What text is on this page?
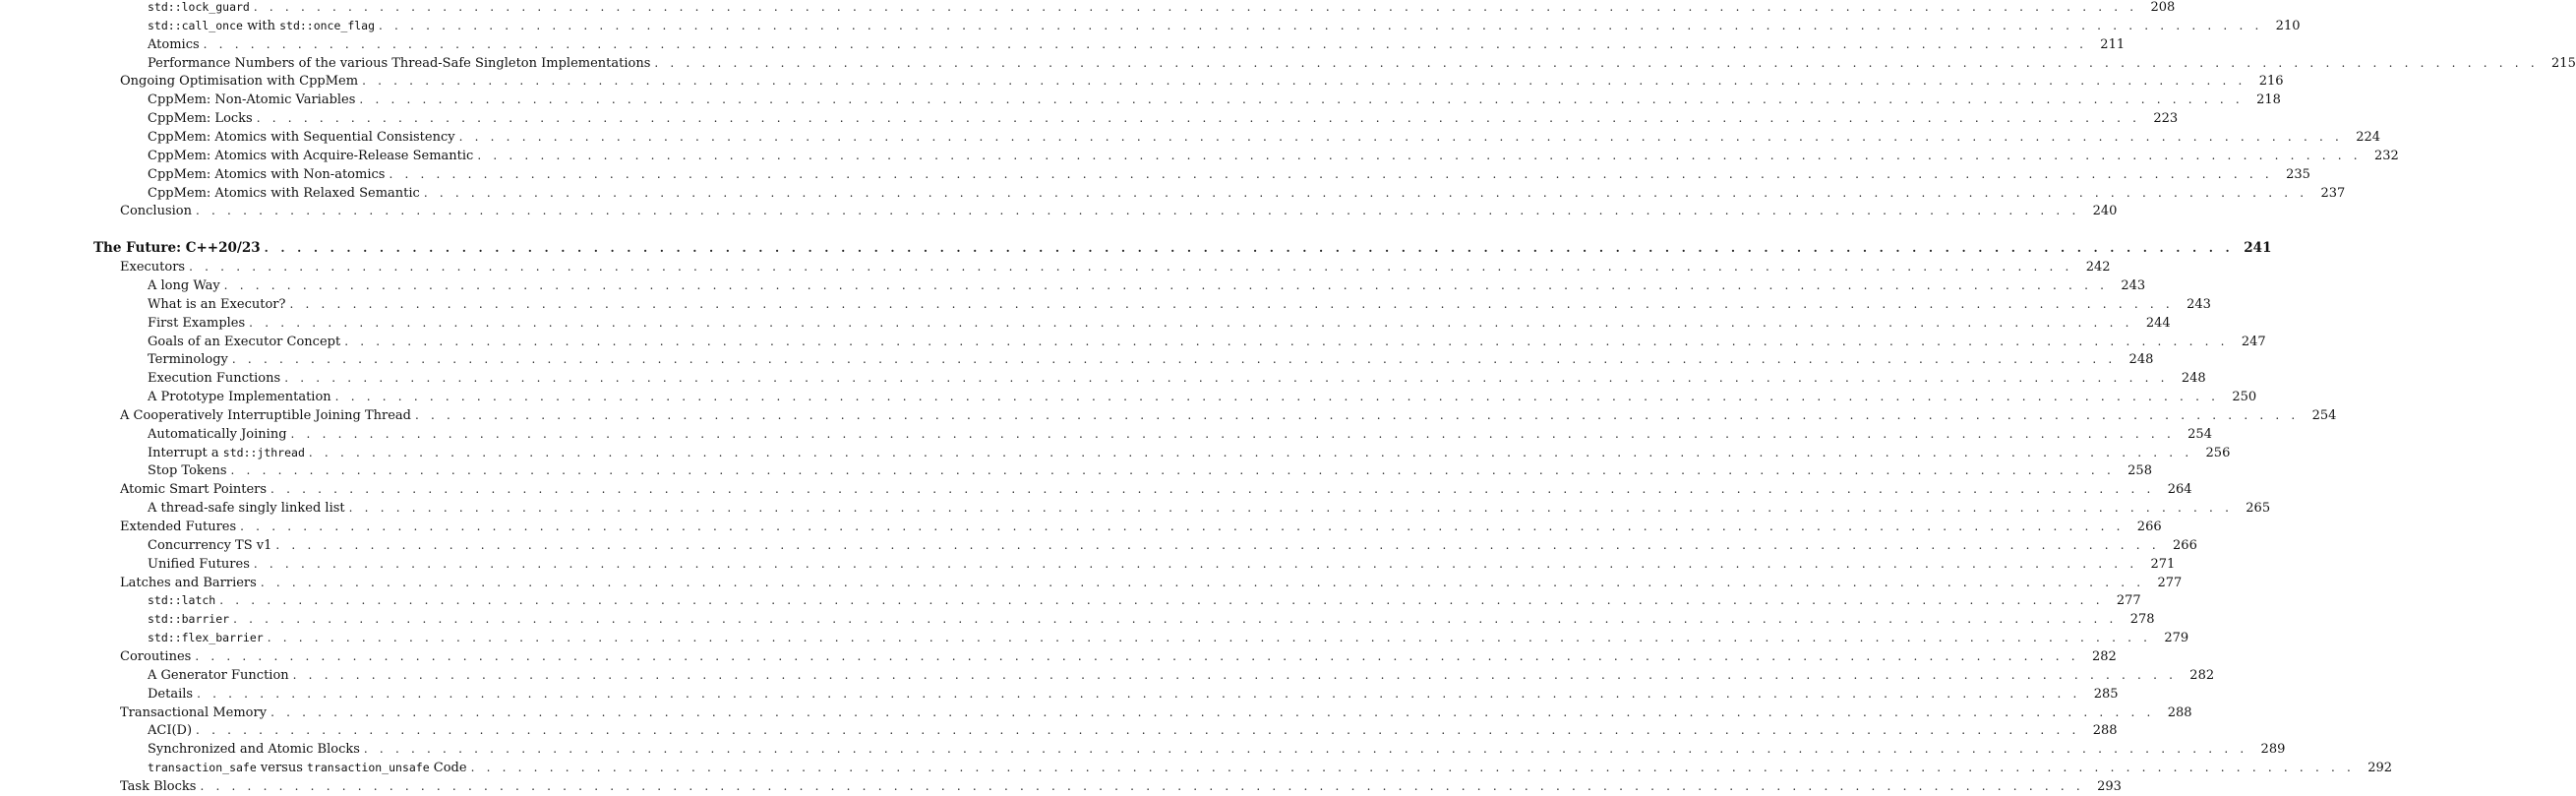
std::lock_guard . . . . . . . . . . . . . . . . . . . . . . . . . . . . . . . . . . . . . . . . . . . . . . . . . . . . . . . . . . . . . . . . . . . . . . . . . . . . . . . . . . . . . . . . . . . . . . . . . . . . . . . . . . . . . . . . . . . . . . . . 208
std::call_once with std::once_flag . . . . . . . . . . . . . . . . . . . . . . . . . . . . . . . . . . . . . . . . . . . . . . . . . . . . . . . . . . . . . . . . . . . . . . . . . . . . . . . . . . . . . . . . . . . . . . . . . . . . . . . . . . . . . . . . . . . . . . . . 210
Atomics . . . . . . . . . . . . . . . . . . . . . . . . . . . . . . . . . . . . . . . . . . . . . . . . . . . . . . . . . . . . . . . . . . . . . . . . . . . . . . . . . . . . . . . . . . . . . . . . . . . . . . . . . . . . . . . . . . . . . . . . 211
Performance Numbers of the various Thread-Safe Singleton Implementations . . . . . . . . . . . . . . . . . . . . . . . . . . . . . . . . . . . . . . . . . . . . . . . . . . . . . . . . . . . . . . . . . . . . . . . . . . . . . . . . . . . . . . . . . . . . . . . . . . . . . . . . . . . . . . . . . . . . . . . . 215
Ongoing Optimisation with CppMem . . . . . . . . . . . . . . . . . . . . . . . . . . . . . . . . . . . . . . . . . . . . . . . . . . . . . . . . . . . . . . . . . . . . . . . . . . . . . . . . . . . . . . . . . . . . . . . . . . . . . . . . . . . . . . . . . . . . . . . . 216
CppMem: Non-Atomic Variables . . . . . . . . . . . . . . . . . . . . . . . . . . . . . . . . . . . . . . . . . . . . . . . . . . . . . . . . . . . . . . . . . . . . . . . . . . . . . . . . . . . . . . . . . . . . . . . . . . . . . . . . . . . . . . . . . . . . . . . . 218
CppMem: Locks . . . . . . . . . . . . . . . . . . . . . . . . . . . . . . . . . . . . . . . . . . . . . . . . . . . . . . . . . . . . . . . . . . . . . . . . . . . . . . . . . . . . . . . . . . . . . . . . . . . . . . . . . . . . . . . . . . . . . . . . 223
CppMem: Atomics with Sequential Consistency . . . . . . . . . . . . . . . . . . . . . . . . . . . . . . . . . . . . . . . . . . . . . . . . . . . . . . . . . . . . . . . . . . . . . . . . . . . . . . . . . . . . . . . . . . . . . . . . . . . . . . . . . . . . . . . . . . . . . . . . 224
CppMem: Atomics with Acquire-Release Semantic . . . . . . . . . . . . . . . . . . . . . . . . . . . . . . . . . . . . . . . . . . . . . . . . . . . . . . . . . . . . . . . . . . . . . . . . . . . . . . . . . . . . . . . . . . . . . . . . . . . . . . . . . . . . . . . . . . . . . . . . 232
CppMem: Atomics with Non-atomics . . . . . . . . . . . . . . . . . . . . . . . . . . . . . . . . . . . . . . . . . . . . . . . . . . . . . . . . . . . . . . . . . . . . . . . . . . . . . . . . . . . . . . . . . . . . . . . . . . . . . . . . . . . . . . . . . . . . . . . . 235
CppMem: Atomics with Relaxed Semantic . . . . . . . . . . . . . . . . . . . . . . . . . . . . . . . . . . . . . . . . . . . . . . . . . . . . . . . . . . . . . . . . . . . . . . . . . . . . . . . . . . . . . . . . . . . . . . . . . . . . . . . . . . . . . . . . . . . . . . . . 237
Conclusion . . . . . . . . . . . . . . . . . . . . . . . . . . . . . . . . . . . . . . . . . . . . . . . . . . . . . . . . . . . . . . . . . . . . . . . . . . . . . . . . . . . . . . . . . . . . . . . . . . . . . . . . . . . . . . . . . . . . . . . . 240
The Future: C++20/23 . . . . . . . . . . . . . . . . . . . . . . . . . . . . . . . . . . . . . . . . . . . . . . . . . . . . . . . . . . . . . . . . . . . . . . . . . . . . . . . . . . . . . . . . . . . . . . . . . . . . . . . . . . . . . . . . . . . . . . . . 241
Executors . . . . . . . . . . . . . . . . . . . . . . . . . . . . . . . . . . . . . . . . . . . . . . . . . . . . . . . . . . . . . . . . . . . . . . . . . . . . . . . . . . . . . . . . . . . . . . . . . . . . . . . . . . . . . . . . . . . . . . . . 242
A long Way . . . . . . . . . . . . . . . . . . . . . . . . . . . . . . . . . . . . . . . . . . . . . . . . . . . . . . . . . . . . . . . . . . . . . . . . . . . . . . . . . . . . . . . . . . . . . . . . . . . . . . . . . . . . . . . . . . . . . . . . 243
What is an Executor? . . . . . . . . . . . . . . . . . . . . . . . . . . . . . . . . . . . . . . . . . . . . . . . . . . . . . . . . . . . . . . . . . . . . . . . . . . . . . . . . . . . . . . . . . . . . . . . . . . . . . . . . . . . . . . . . . . . . . . . . 243
First Examples . . . . . . . . . . . . . . . . . . . . . . . . . . . . . . . . . . . . . . . . . . . . . . . . . . . . . . . . . . . . . . . . . . . . . . . . . . . . . . . . . . . . . . . . . . . . . . . . . . . . . . . . . . . . . . . . . . . . . . . . 244
Goals of an Executor Concept . . . . . . . . . . . . . . . . . . . . . . . . . . . . . . . . . . . . . . . . . . . . . . . . . . . . . . . . . . . . . . . . . . . . . . . . . . . . . . . . . . . . . . . . . . . . . . . . . . . . . . . . . . . . . . . . . . . . . . . . 247
Terminology . . . . . . . . . . . . . . . . . . . . . . . . . . . . . . . . . . . . . . . . . . . . . . . . . . . . . . . . . . . . . . . . . . . . . . . . . . . . . . . . . . . . . . . . . . . . . . . . . . . . . . . . . . . . . . . . . . . . . . . . 248
Execution Functions . . . . . . . . . . . . . . . . . . . . . . . . . . . . . . . . . . . . . . . . . . . . . . . . . . . . . . . . . . . . . . . . . . . . . . . . . . . . . . . . . . . . . . . . . . . . . . . . . . . . . . . . . . . . . . . . . . . . . . . . 248
A Prototype Implementation . . . . . . . . . . . . . . . . . . . . . . . . . . . . . . . . . . . . . . . . . . . . . . . . . . . . . . . . . . . . . . . . . . . . . . . . . . . . . . . . . . . . . . . . . . . . . . . . . . . . . . . . . . . . . . . . . . . . . . . . 250
A Cooperatively Interruptible Joining Thread . . . . . . . . . . . . . . . . . . . . . . . . . . . . . . . . . . . . . . . . . . . . . . . . . . . . . . . . . . . . . . . . . . . . . . . . . . . . . . . . . . . . . . . . . . . . . . . . . . . . . . . . . . . . . . . . . . . . . . . . 254
Automatically Joining . . . . . . . . . . . . . . . . . . . . . . . . . . . . . . . . . . . . . . . . . . . . . . . . . . . . . . . . . . . . . . . . . . . . . . . . . . . . . . . . . . . . . . . . . . . . . . . . . . . . . . . . . . . . . . . . . . . . . . . . 254
Interrupt a std::jthread . . . . . . . . . . . . . . . . . . . . . . . . . . . . . . . . . . . . . . . . . . . . . . . . . . . . . . . . . . . . . . . . . . . . . . . . . . . . . . . . . . . . . . . . . . . . . . . . . . . . . . . . . . . . . . . . . . . . . . . . 256
Stop Tokens . . . . . . . . . . . . . . . . . . . . . . . . . . . . . . . . . . . . . . . . . . . . . . . . . . . . . . . . . . . . . . . . . . . . . . . . . . . . . . . . . . . . . . . . . . . . . . . . . . . . . . . . . . . . . . . . . . . . . . . . 258
Atomic Smart Pointers . . . . . . . . . . . . . . . . . . . . . . . . . . . . . . . . . . . . . . . . . . . . . . . . . . . . . . . . . . . . . . . . . . . . . . . . . . . . . . . . . . . . . . . . . . . . . . . . . . . . . . . . . . . . . . . . . . . . . . . . 264
A thread-safe singly linked list . . . . . . . . . . . . . . . . . . . . . . . . . . . . . . . . . . . . . . . . . . . . . . . . . . . . . . . . . . . . . . . . . . . . . . . . . . . . . . . . . . . . . . . . . . . . . . . . . . . . . . . . . . . . . . . . . . . . . . . . 265
Extended Futures . . . . . . . . . . . . . . . . . . . . . . . . . . . . . . . . . . . . . . . . . . . . . . . . . . . . . . . . . . . . . . . . . . . . . . . . . . . . . . . . . . . . . . . . . . . . . . . . . . . . . . . . . . . . . . . . . . . . . . . . 266
Concurrency TS v1 . . . . . . . . . . . . . . . . . . . . . . . . . . . . . . . . . . . . . . . . . . . . . . . . . . . . . . . . . . . . . . . . . . . . . . . . . . . . . . . . . . . . . . . . . . . . . . . . . . . . . . . . . . . . . . . . . . . . . . . . 266
Unified Futures . . . . . . . . . . . . . . . . . . . . . . . . . . . . . . . . . . . . . . . . . . . . . . . . . . . . . . . . . . . . . . . . . . . . . . . . . . . . . . . . . . . . . . . . . . . . . . . . . . . . . . . . . . . . . . . . . . . . . . . . 271
Latches and Barriers . . . . . . . . . . . . . . . . . . . . . . . . . . . . . . . . . . . . . . . . . . . . . . . . . . . . . . . . . . . . . . . . . . . . . . . . . . . . . . . . . . . . . . . . . . . . . . . . . . . . . . . . . . . . . . . . . . . . . . . . 277
std::latch . . . . . . . . . . . . . . . . . . . . . . . . . . . . . . . . . . . . . . . . . . . . . . . . . . . . . . . . . . . . . . . . . . . . . . . . . . . . . . . . . . . . . . . . . . . . . . . . . . . . . . . . . . . . . . . . . . . . . . . . 277
std::barrier . . . . . . . . . . . . . . . . . . . . . . . . . . . . . . . . . . . . . . . . . . . . . . . . . . . . . . . . . . . . . . . . . . . . . . . . . . . . . . . . . . . . . . . . . . . . . . . . . . . . . . . . . . . . . . . . . . . . . . . . 278
std::flex_barrier . . . . . . . . . . . . . . . . . . . . . . . . . . . . . . . . . . . . . . . . . . . . . . . . . . . . . . . . . . . . . . . . . . . . . . . . . . . . . . . . . . . . . . . . . . . . . . . . . . . . . . . . . . . . . . . . . . . . . . . . 279
Coroutines . . . . . . . . . . . . . . . . . . . . . . . . . . . . . . . . . . . . . . . . . . . . . . . . . . . . . . . . . . . . . . . . . . . . . . . . . . . . . . . . . . . . . . . . . . . . . . . . . . . . . . . . . . . . . . . . . . . . . . . . 282
A Generator Function . . . . . . . . . . . . . . . . . . . . . . . . . . . . . . . . . . . . . . . . . . . . . . . . . . . . . . . . . . . . . . . . . . . . . . . . . . . . . . . . . . . . . . . . . . . . . . . . . . . . . . . . . . . . . . . . . . . . . . . . 282
Details . . . . . . . . . . . . . . . . . . . . . . . . . . . . . . . . . . . . . . . . . . . . . . . . . . . . . . . . . . . . . . . . . . . . . . . . . . . . . . . . . . . . . . . . . . . . . . . . . . . . . . . . . . . . . . . . . . . . . . . . 285
Transactional Memory . . . . . . . . . . . . . . . . . . . . . . . . . . . . . . . . . . . . . . . . . . . . . . . . . . . . . . . . . . . . . . . . . . . . . . . . . . . . . . . . . . . . . . . . . . . . . . . . . . . . . . . . . . . . . . . . . . . . . . . . 288
ACI(D) . . . . . . . . . . . . . . . . . . . . . . . . . . . . . . . . . . . . . . . . . . . . . . . . . . . . . . . . . . . . . . . . . . . . . . . . . . . . . . . . . . . . . . . . . . . . . . . . . . . . . . . . . . . . . . . . . . . . . . . . 288
Synchronized and Atomic Blocks . . . . . . . . . . . . . . . . . . . . . . . . . . . . . . . . . . . . . . . . . . . . . . . . . . . . . . . . . . . . . . . . . . . . . . . . . . . . . . . . . . . . . . . . . . . . . . . . . . . . . . . . . . . . . . . . . . . . . . . . 289
transaction_safe versus transaction_unsafe Code . . . . . . . . . . . . . . . . . . . . . . . . . . . . . . . . . . . . . . . . . . . . . . . . . . . . . . . . . . . . . . . . . . . . . . . . . . . . . . . . . . . . . . . . . . . . . . . . . . . . . . . . . . . . . . . . . . . . . . . . 292
Task Blocks . . . . . . . . . . . . . . . . . . . . . . . . . . . . . . . . . . . . . . . . . . . . . . . . . . . . . . . . . . . . . . . . . . . . . . . . . . . . . . . . . . . . . . . . . . . . . . . . . . . . . . . . . . . . . . . . . . . . . . . . 293
